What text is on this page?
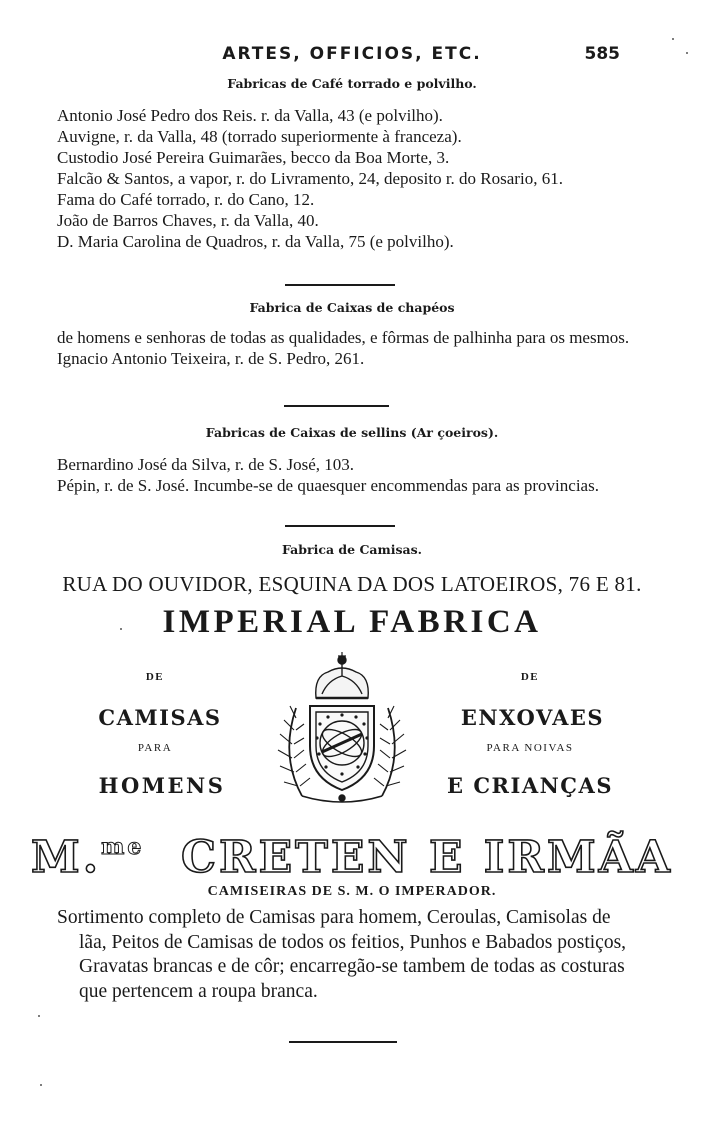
ARTES, OFFICIOS, ETC.	585
Fabricas de Café torrado e polvilho.

Antonio José Pedro dos Reis. r. da Valla, 43 (e polvilho).

Auvigne, r. da Valla, 48 (torrado superiormente à franceza).

Custodio José Pereira Guimarães, becco da Boa Morte, 3.

Falcão & Santos, a vapor, r. do Livramento, 24, deposito r. do Rosario, 61.

Fama do Café torrado, r. do Cano, 12.

João de Barros Chaves, r. da Valla, 40.

D. Maria Carolina de Quadros, r. da Valla, 75 (e polvilho).

Fabrica de Caixas de chapéos

de homens e senhoras de todas as qualidades, e fôrmas de palhinha para os mesmos.

Ignacio Antonio Teixeira, r. de S. Pedro, 261.

Fabricas de Caixas de sellins (Ar çoeiros).

Bernardino José da Silva, r. de S. José, 103.

Pépin, r. de S. José. Incumbe-se de quaesquer encommendas para as provincias.

Fabrica de Camisas.
RUA DO OUVIDOR, ESQUINA DA DOS LATOEIROS, 76 E 81.
IMPERIAL FABRICA
DE
CAMISAS
PARA
HOMENS
DE
ENXOVAES
PARA NOIVAS
E CRIANÇAS
M.$^{me}$ CRETEN E IRMÃA
CAMISEIRAS DE S. M. O IMPERADOR.

Sortimento completo de Camisas para homem, Ceroulas, Camisolas de lãa, Peitos de Camisas de todos os feitios, Punhos e Babados postiços, Gravatas brancas e de côr; encarregão-se tambem de todas as costuras que pertencem a roupa branca.
